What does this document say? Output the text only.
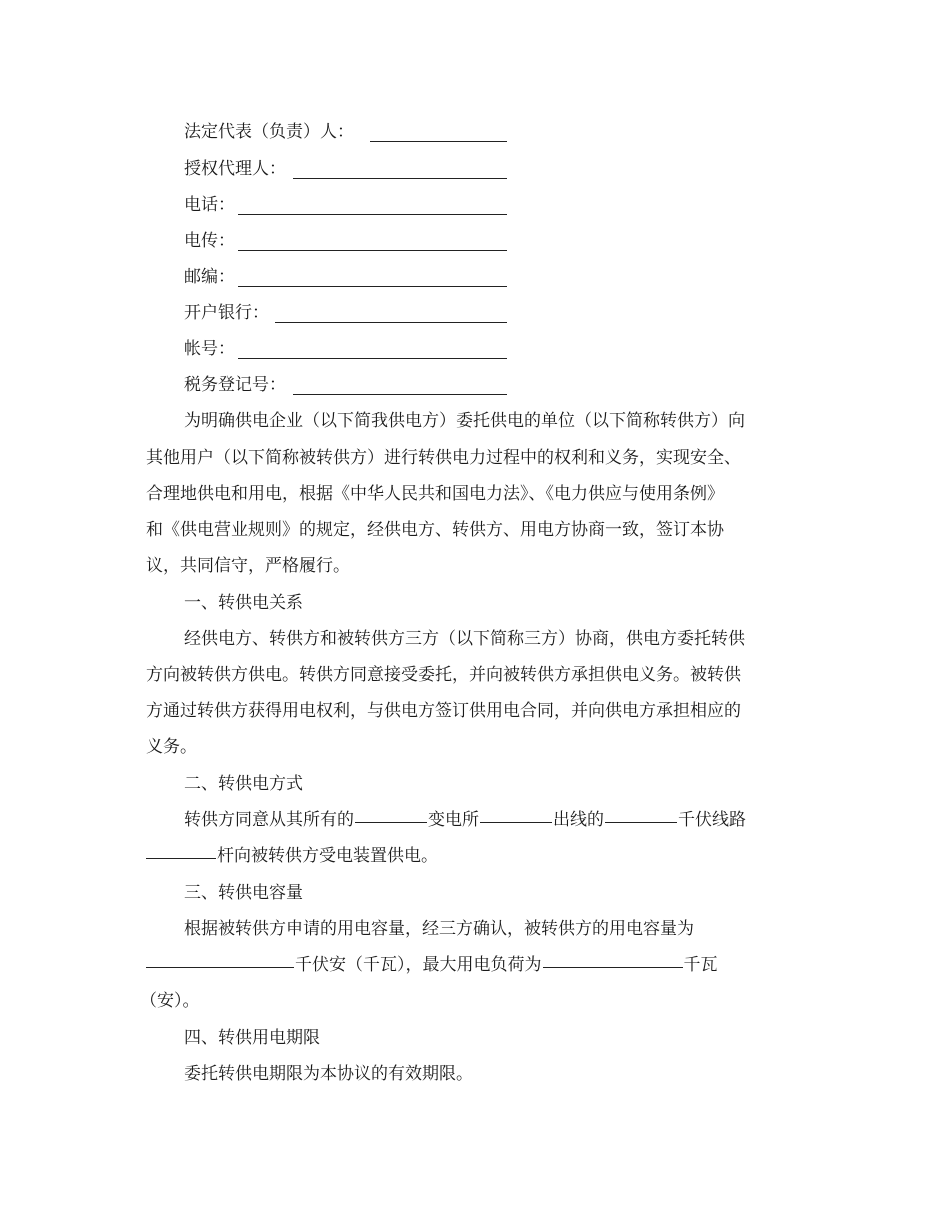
法定代表（负责）人：
授权代理人：
电话：
电传：
邮编：
开户银行：
帐号：
税务登记号：
为明确供电企业（以下简我供电方）委托供电的单位（以下简称转供方）向
其他用户（以下简称被转供方）进行转供电力过程中的权利和义务，实现安全、
合理地供电和用电，根据《中华人民共和国电力法》、《电力供应与使用条例》
和《供电营业规则》的规定，经供电方、转供方、用电方协商一致，签订本协
议，共同信守，严格履行。
一、转供电关系
经供电方、转供方和被转供方三方（以下简称三方）协商，供电方委托转供
方向被转供方供电。转供方同意接受委托，并向被转供方承担供电义务。被转供
方通过转供方获得用电权利，与供电方签订供用电合同，并向供电方承担相应的
义务。
二、转供电方式
转供方同意从其所有的	变电所	出线的	千伏线路
杆向被转供方受电装置供电。
三、转供电容量
根据被转供方申请的用电容量，经三方确认，被转供方的用电容量为
千伏安（千瓦），最大用电负荷为	千瓦
（安）。
四、转供用电期限
委托转供电期限为本协议的有效期限。
